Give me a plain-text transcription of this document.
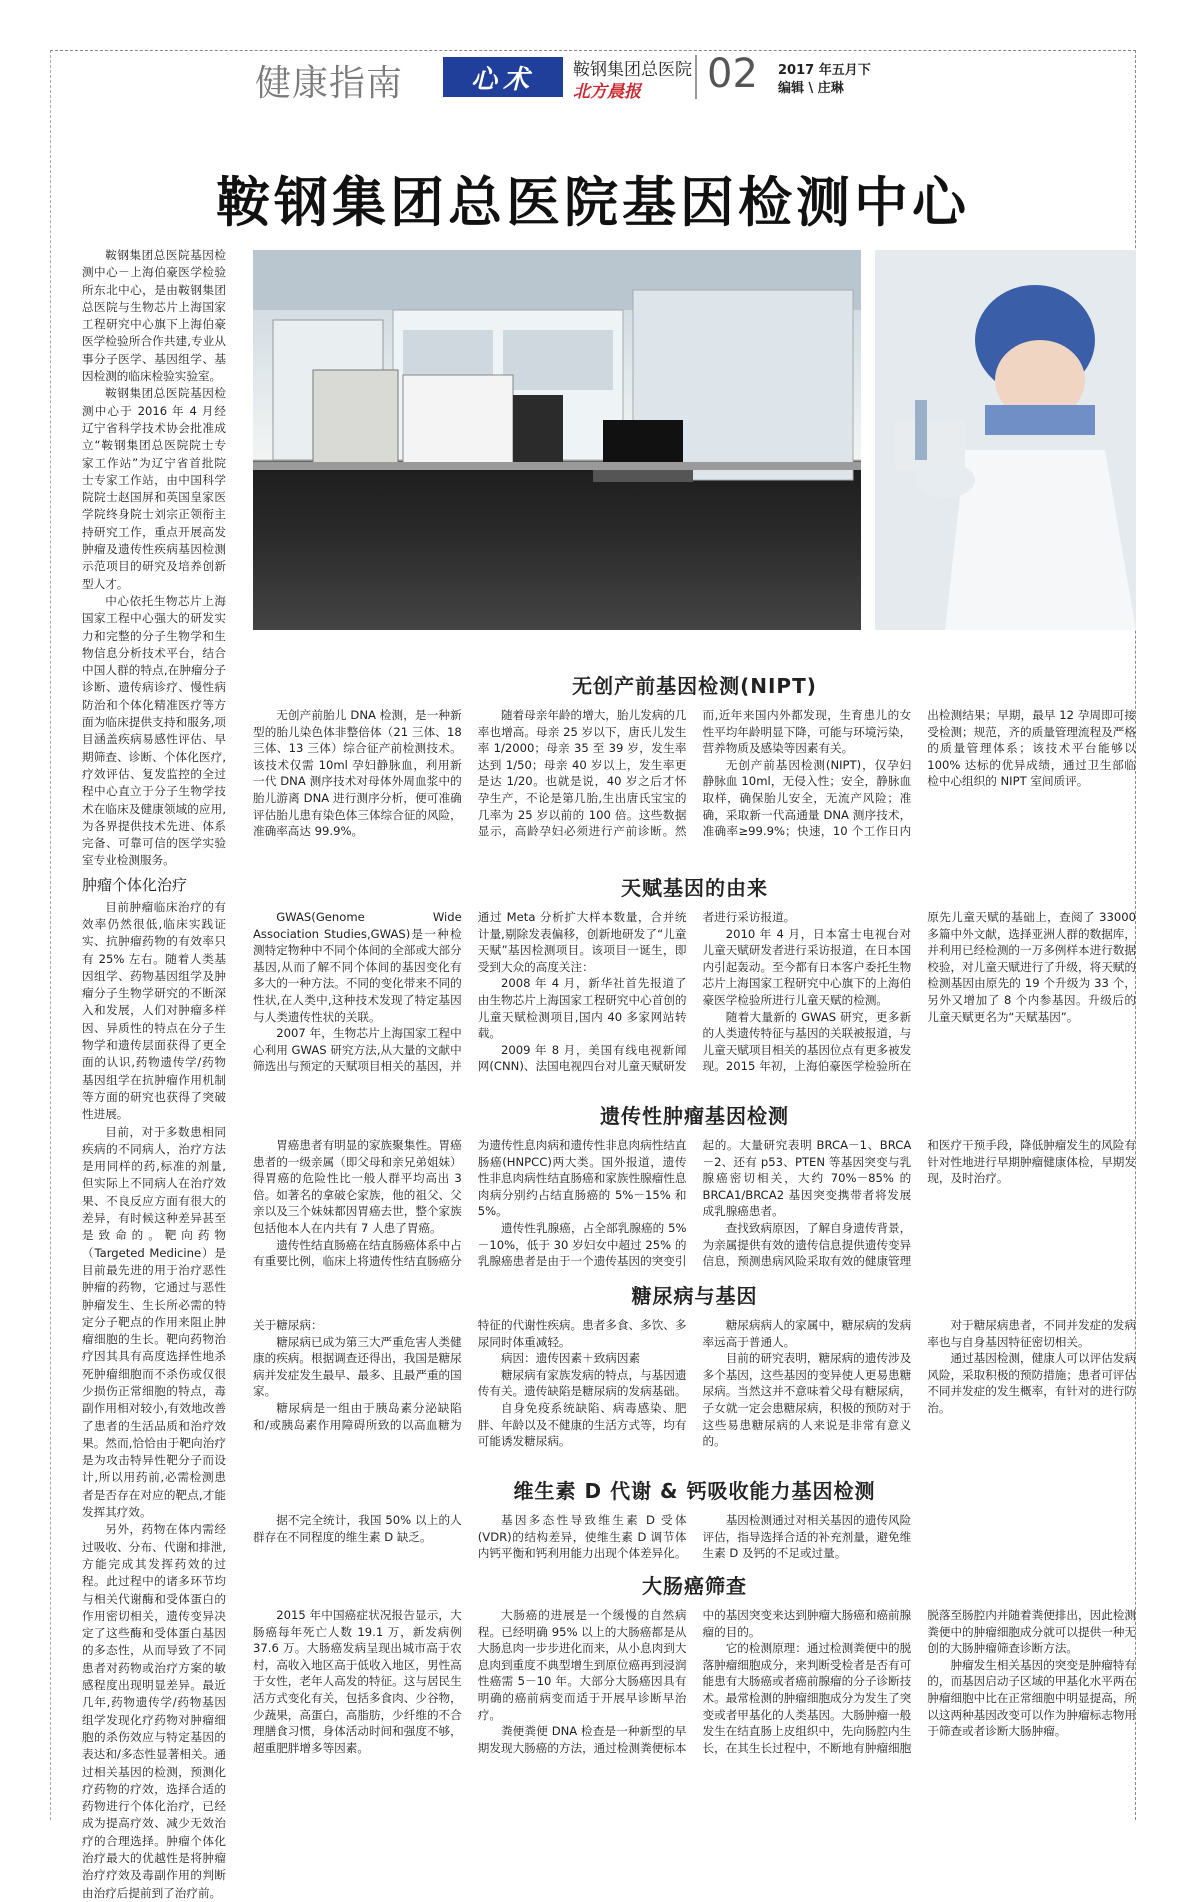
健康指南	心术 鞍钢集团总医院
北方晨报 02 2017 年五月下
编辑 \ 庄琳
鞍钢集团总医院基因检测中心

鞍钢集团总医院基因检测中心－上海伯豪医学检验所东北中心，是由鞍钢集团总医院与生物芯片上海国家工程研究中心旗下上海伯豪医学检验所合作共建,专业从事分子医学、基因组学、基因检测的临床检验实验室。

鞍钢集团总医院基因检测中心于 2016 年 4 月经辽宁省科学技术协会批准成立“鞍钢集团总医院院士专家工作站”为辽宁省首批院士专家工作站，由中国科学院院士赵国屏和英国皇家医学院终身院士刘宗正领衔主持研究工作，重点开展高发肿瘤及遗传性疾病基因检测示范项目的研究及培养创新型人才。

中心依托生物芯片上海国家工程中心强大的研发实力和完整的分子生物学和生物信息分析技术平台，结合中国人群的特点,在肿瘤分子诊断、遗传病诊疗、慢性病防治和个体化精准医疗等方面为临床提供支持和服务,项目涵盖疾病易感性评估、早期筛查、诊断、个体化医疗,疗效评估、复发监控的全过程中心直立于分子生物学技术在临床及健康领域的应用,为各界提供技术先进、体系完备、可靠可信的医学实验室专业检测服务。

肿瘤个体化治疗

目前肿瘤临床治疗的有效率仍然很低,临床实践证实、抗肿瘤药物的有效率只有 25% 左右。随着人类基因组学、药物基因组学及肿瘤分子生物学研究的不断深入和发展，人们对肿瘤多样因、异质性的特点在分子生物学和遗传层面获得了更全面的认识,药物遗传学/药物基因组学在抗肿瘤作用机制等方面的研究也获得了突破性进展。

目前，对于多数患相同疾病的不同病人，治疗方法是用同样的药,标准的剂量,但实际上不同病人在治疗效果、不良反应方面有很大的差异，有时候这种差异甚至是致命的。靶向药物（Targeted Medicine）是目前最先进的用于治疗恶性肿瘤的药物，它通过与恶性肿瘤发生、生长所必需的特定分子靶点的作用来阻止肿瘤细胞的生长。靶向药物治疗因其具有高度选择性地杀死肿瘤细胞而不杀伤或仅很少损伤正常细胞的特点，毒副作用相对较小,有效地改善了患者的生活品质和治疗效果。然而,恰恰由于靶向治疗是为攻击特异性靶分子而设计,所以用药前,必需检测患者是否存在对应的靶点,才能发挥其疗效。

另外，药物在体内需经过吸收、分布、代谢和排泄,方能完成其发挥药效的过程。此过程中的诸多环节均与相关代谢酶和受体蛋白的作用密切相关，遗传变异决定了这些酶和受体蛋白基因的多态性，从而导致了不同患者对药物或治疗方案的敏感程度出现明显差异。最近几年,药物遗传学/药物基因组学发现化疗药物对肿瘤细胞的杀伤效应与特定基因的表达和/多态性显著相关。通过相关基因的检测，预测化疗药物的疗效，选择合适的药物进行个体化治疗，已经成为提高疗效、减少无效治疗的合理选择。肿瘤个体化治疗最大的优越性是将肿瘤治疗疗效及毒副作用的判断由治疗后提前到了治疗前。

无创产前基因检测(NIPT)

无创产前胎儿 DNA 检测，是一种新型的胎儿染色体非整倍体（21 三体、18 三体、13 三体）综合征产前检测技术。该技术仅需 10ml 孕妇静脉血，利用新一代 DNA 测序技术对母体外周血浆中的胎儿游离 DNA 进行测序分析，便可准确评估胎儿患有染色体三体综合征的风险，准确率高达 99.9%。

随着母亲年龄的增大，胎儿发病的几率也增高。母亲 25 岁以下，唐氏儿发生率 1/2000；母亲 35 至 39 岁，发生率达到 1/50；母亲 40 岁以上，发生率更是达 1/20。也就是说，40 岁之后才怀孕生产，不论是第几胎,生出唐氏宝宝的几率为 25 岁以前的 100 倍。这些数据显示，高龄孕妇必须进行产前诊断。然而,近年来国内外都发现，生育患儿的女性平均年龄明显下降，可能与环境污染，营养物质及感染等因素有关。

无创产前基因检测(NIPT)，仅孕妇静脉血 10ml，无侵入性；安全，静脉血取样，确保胎儿安全，无流产风险；准确，采取新一代高通量 DNA 测序技术，准确率≥99.9%；快速，10 个工作日内出检测结果；早期，最早 12 孕周即可接受检测；规范，齐的质量管理流程及严格的质量管理体系；该技术平台能够以 100% 达标的优异成绩，通过卫生部临检中心组织的 NIPT 室间质评。

天赋基因的由来

GWAS(Genome Wide Association Studies,GWAS)是一种检测特定物种中不同个体间的全部或大部分基因,从而了解不同个体间的基因变化有多大的一种方法。不同的变化带来不同的性状,在人类中,这种技术发现了特定基因与人类遗传性状的关联。

2007 年，生物芯片上海国家工程中心利用 GWAS 研究方法,从大量的文献中筛选出与预定的天赋项目相关的基因，并通过 Meta 分析扩大样本数量，合并统计量,剔除发表偏移，创新地研发了“儿童天赋”基因检测项目。该项目一诞生，即受到大众的高度关注：

2008 年 4 月，新华社首先报道了由生物芯片上海国家工程研究中心首创的儿童天赋检测项目,国内 40 多家网站转载。

2009 年 8 月，美国有线电视新闻网(CNN)、法国电视四台对儿童天赋研发者进行采访报道。

2010 年 4 月，日本富士电视台对儿童天赋研发者进行采访报道，在日本国内引起轰动。至今都有日本客户委托生物芯片上海国家工程研究中心旗下的上海伯豪医学检验所进行儿童天赋的检测。

随着大量新的 GWAS 研究，更多新的人类遗传特征与基因的关联被报道，与儿童天赋项目相关的基因位点有更多被发现。2015 年初，上海伯豪医学检验所在原先儿童天赋的基础上，查阅了 33000 多篇中外文献，选择亚洲人群的数据库，并利用已经检测的一万多例样本进行数据校验，对儿童天赋进行了升级，将天赋的检测基因由原先的 19 个升级为 33 个，另外又增加了 8 个内参基因。升级后的儿童天赋更名为“天赋基因”。

遗传性肿瘤基因检测

胃癌患者有明显的家族聚集性。胃癌患者的一级亲属（即父母和亲兄弟姐妹）得胃癌的危险性比一般人群平均高出 3 倍。如著名的拿破仑家族，他的祖父、父亲以及三个妹妹都因胃癌去世，整个家族包括他本人在内共有 7 人患了胃癌。

遗传性结直肠癌在结直肠癌体系中占有重要比例，临床上将遗传性结直肠癌分为遗传性息肉病和遗传性非息肉病性结直肠癌(HNPCC)两大类。国外报道，遗传性非息肉病性结直肠癌和家族性腺瘤性息肉病分别约占结直肠癌的 5%－15% 和 5%。

遗传性乳腺癌，占全部乳腺癌的 5%－10%，低于 30 岁妇女中超过 25% 的乳腺癌患者是由于一个遗传基因的突变引起的。大量研究表明 BRCA－1、BRCA－2、还有 p53、PTEN 等基因突变与乳腺癌密切相关，大约 70%－85% 的 BRCA1/BRCA2 基因突变携带者将发展成乳腺癌患者。

查找致病原因，了解自身遗传背景，为亲属提供有效的遗传信息提供遗传变异信息，预测患病风险采取有效的健康管理和医疗干预手段，降低肿瘤发生的风险有针对性地进行早期肿瘤健康体检，早期发现，及时治疗。

糖尿病与基因

关于糖尿病：

糖尿病已成为第三大严重危害人类健康的疾病。根据调查还得出，我国是糖尿病并发症发生最早、最多、且最严重的国家。

糖尿病是一组由于胰岛素分泌缺陷和/或胰岛素作用障碍所致的以高血糖为特征的代谢性疾病。患者多食、多饮、多尿同时体重减轻。

病因：遗传因素＋致病因素

糖尿病有家族发病的特点，与基因遗传有关。遗传缺陷是糖尿病的发病基础。

自身免疫系统缺陷、病毒感染、肥胖、年龄以及不健康的生活方式等，均有可能诱发糖尿病。

糖尿病病人的家属中，糖尿病的发病率远高于普通人。

目前的研究表明，糖尿病的遗传涉及多个基因，这些基因的变异使人更易患糖尿病。当然这并不意味着父母有糖尿病，子女就一定会患糖尿病，积极的预防对于这些易患糖尿病的人来说是非常有意义的。

对于糖尿病患者，不同并发症的发病率也与自身基因特征密切相关。

通过基因检测，健康人可以评估发病风险，采取积极的预防措施；患者可评估不同并发症的发生概率，有针对的进行防治。

维生素 D 代谢 & 钙吸收能力基因检测

据不完全统计，我国 50% 以上的人群存在不同程度的维生素 D 缺乏。

基因多态性导致维生素 D 受体(VDR)的结构差异，使维生素 D 调节体内钙平衡和钙利用能力出现个体差异化。

基因检测通过对相关基因的遗传风险评估，指导选择合适的补充剂量，避免维生素 D 及钙的不足或过量。

大肠癌筛查

2015 年中国癌症状况报告显示，大肠癌每年死亡人数 19.1 万，新发病例 37.6 万。大肠癌发病呈现出城市高于农村，高收入地区高于低收入地区，男性高于女性，老年人高发的特征。这与居民生活方式变化有关，包括多食肉、少谷物，少蔬果，高蛋白，高脂肪，少纤维的不合理膳食习惯，身体活动时间和强度不够，超重肥胖增多等因素。

大肠癌的进展是一个缓慢的自然病程。已经明确 95% 以上的大肠癌都是从大肠息肉一步步进化而来，从小息肉到大息肉到重度不典型增生到原位癌再到浸润性癌需 5－10 年。大部分大肠癌因具有明确的癌前病变而适于开展早诊断早治疗。

粪便粪便 DNA 检查是一种新型的早期发现大肠癌的方法，通过检测粪便标本中的基因突变来达到肿瘤大肠癌和癌前腺瘤的目的。

它的检测原理：通过检测粪便中的脱落肿瘤细胞成分，来判断受检者是否有可能患有大肠癌或者癌前腺瘤的分子诊断技术。最常检测的肿瘤细胞成分为发生了突变或者甲基化的人类基因。大肠肿瘤一般发生在结直肠上皮组织中，先向肠腔内生长，在其生长过程中，不断地有肿瘤细胞脱落至肠腔内并随着粪便排出，因此检测粪便中的肿瘤细胞成分就可以提供一种无创的大肠肿瘤筛查诊断方法。

肿瘤发生相关基因的突变是肿瘤特有的，而基因启动子区域的甲基化水平两在肿瘤细胞中比在正常细胞中明显提高，所以这两种基因改变可以作为肿瘤标志物用于筛查或者诊断大肠肿瘤。
